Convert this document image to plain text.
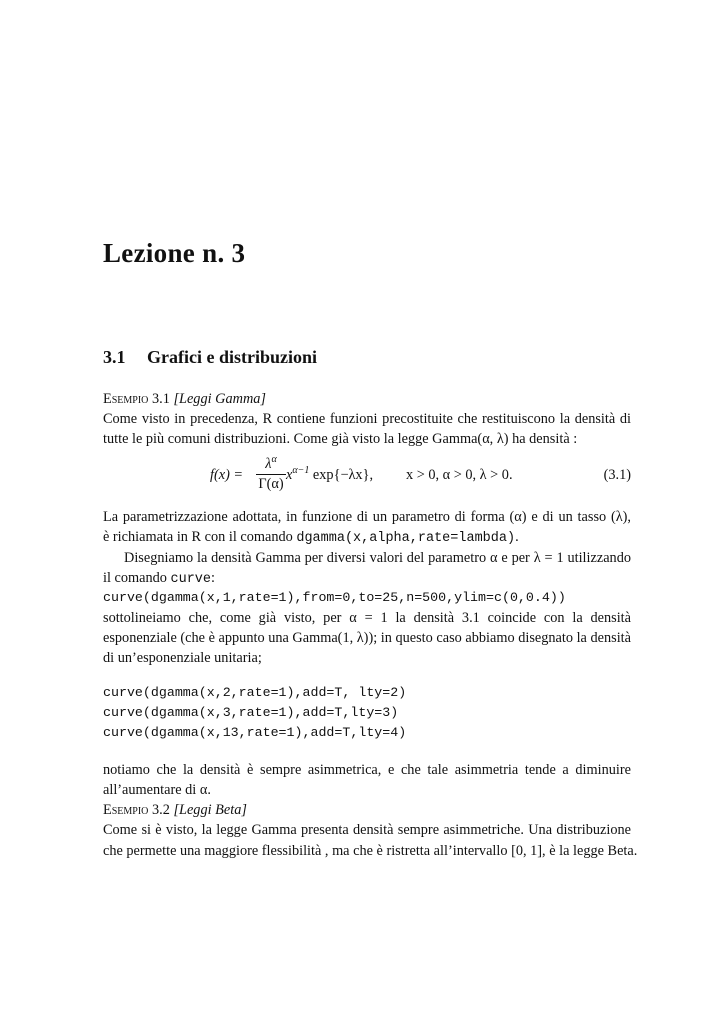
Lezione n. 3
3.1 Grafici e distribuzioni
Esempio 3.1 [Leggi Gamma]
Come visto in precedenza, R contiene funzioni precostituite che restituiscono la densità di
tutte le più comuni distribuzioni. Come già visto la legge Gamma(α, λ) ha densità :
f(x) =
$\lambda^\alpha$
Γ(α)
$x^{\alpha-1}$ exp{−λx}, x > 0, α > 0, λ > 0.	(3.1)
La parametrizzazione adottata, in funzione di un parametro di forma (α) e di un tasso (λ),
è richiamata in R con il comando dgamma(x,alpha,rate=lambda).
Disegniamo la densità Gamma per diversi valori del parametro α e per λ = 1 utilizzando
il comando curve:
curve(dgamma(x,1,rate=1),from=0,to=25,n=500,ylim=c(0,0.4))
sottolineiamo che, come già visto, per α = 1 la densità 3.1 coincide con la densità
esponenziale (che è appunto una Gamma(1, λ)); in questo caso abbiamo disegnato la densità
di un’esponenziale unitaria;
curve(dgamma(x,2,rate=1),add=T, lty=2)
curve(dgamma(x,3,rate=1),add=T,lty=3)
curve(dgamma(x,13,rate=1),add=T,lty=4)
notiamo che la densità è sempre asimmetrica, e che tale asimmetria tende a diminuire
all’aumentare di α.
Esempio 3.2 [Leggi Beta]
Come si è visto, la legge Gamma presenta densità sempre asimmetriche. Una distribuzione
che permette una maggiore flessibilità , ma che è ristretta all’intervallo [0, 1], è la legge Beta.
